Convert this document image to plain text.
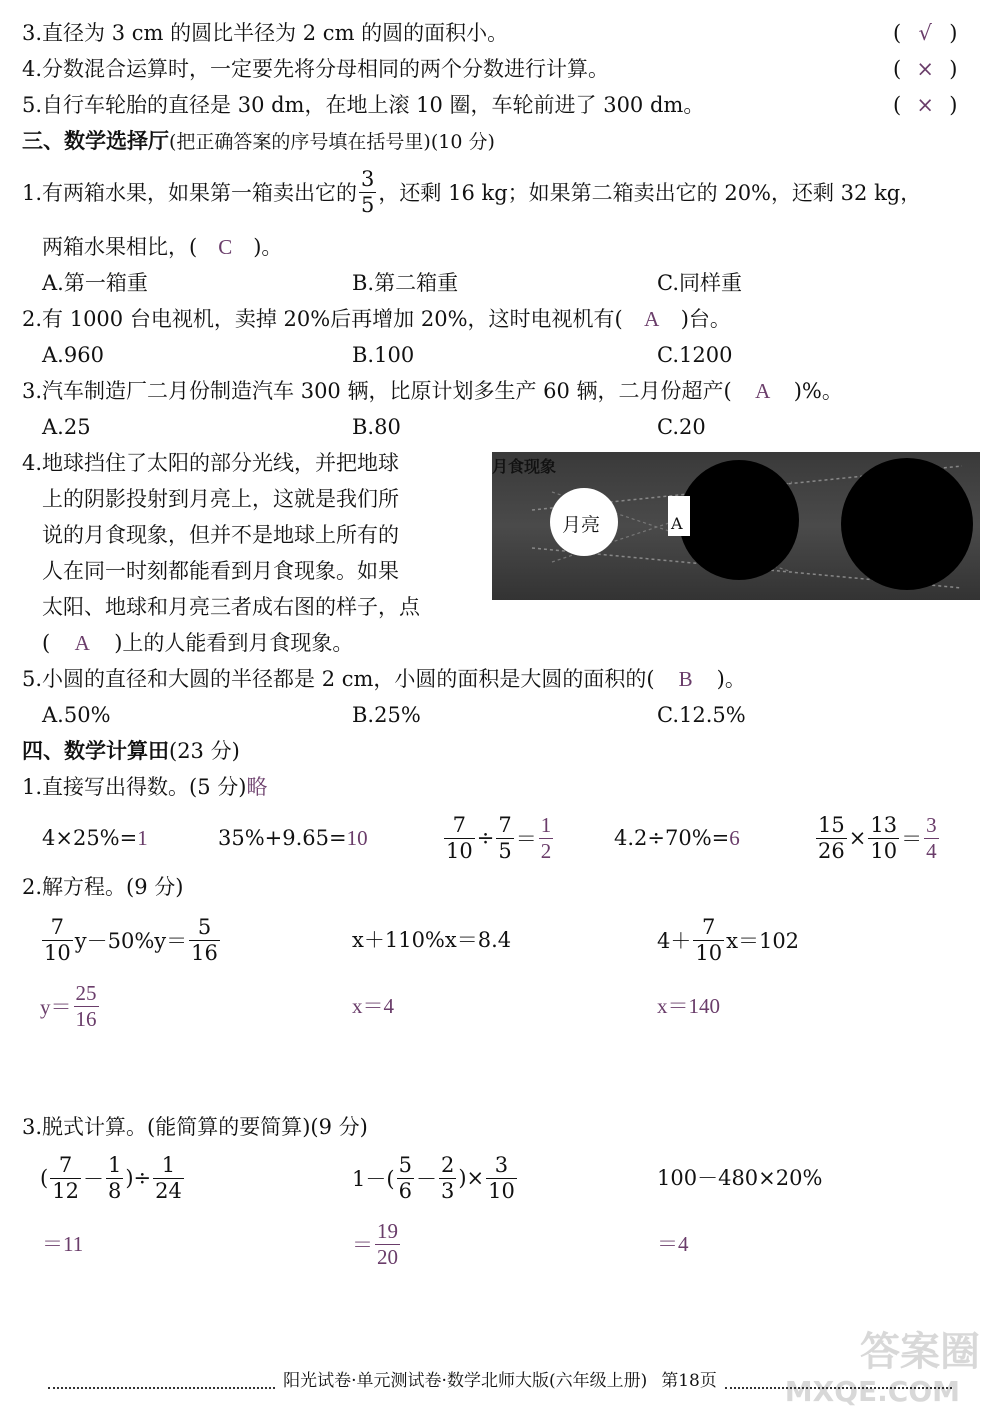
3.直径为 3 cm 的圆比半径为 2 cm 的圆的面积小。	( √ )
4.分数混合运算时，一定要先将分母相同的两个分数进行计算。	( × )
5.自行车轮胎的直径是 30 dm，在地上滚 10 圈，车轮前进了 300 dm。	( × )
三、数学选择厅(把正确答案的序号填在括号里)(10 分)
1.有两箱水果，如果第一箱卖出它的 $\frac{3}{5}$ ，还剩 16 kg；如果第二箱卖出它的 20%，还剩 32 kg，
两箱水果相比，( C )。
A.第一箱重	B.第二箱重	C.同样重
2.有 1000 台电视机，卖掉 20%后再增加 20%，这时电视机有( A )台。
A.960	B.100	C.1200
3.汽车制造厂二月份制造汽车 300 辆，比原计划多生产 60 辆，二月份超产( A )%。
A.25	B.80	C.20
4.地球挡住了太阳的部分光线，并把地球
上的阴影投射到月亮上，这就是我们所
说的月食现象，但并不是地球上所有的
人在同一时刻都能看到月食现象。如果
太阳、地球和月亮三者成右图的样子，点
( A )上的人能看到月食现象。
月食现象
月亮	A
5.小圆的直径和大圆的半径都是 2 cm，小圆的面积是大圆的面积的( B )。
A.50%	B.25%	C.12.5%
四、数学计算田(23 分)
1.直接写出得数。(5 分)略
4×25%= 1	35%+9.65= 10	$\frac{7}{10} \div \frac{7}{5} = \frac{1}{2}$	4.2÷70%= 6	$\frac{15}{26} \times \frac{13}{10} = \frac{3}{4}$
2.解方程。(9 分)
$\frac{7}{10} y-50\%y= \frac{5}{16}$	x＋110%x＝8.4	$4+ \frac{7}{10} x=102$
$y= \frac{25}{16}$	x＝4	x＝140
3.脱式计算。(能简算的要简算)(9 分)
( $\frac{7}{12} - \frac{1}{8}$ )÷ $\frac{1}{24}$	$1-( \frac{5}{6} - \frac{2}{3}$ )× $\frac{3}{10}$	100－480×20%
＝11	＝ $\frac{19}{20}$	＝4
答案圈
MXQE.COM
阳光试卷·单元测试卷·数学北师大版(六年级上册) 第18页
